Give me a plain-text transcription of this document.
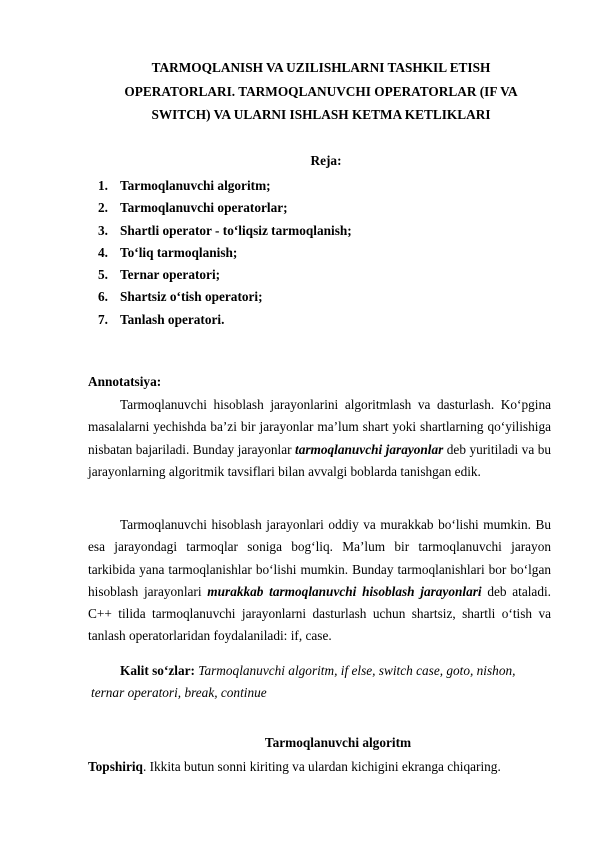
TARMOQLANISH VA UZILISHLARNI TASHKIL ETISH
OPERATORLARI. TARMOQLANUVCHI OPERATORLAR (IF VA
SWITCH) VA ULARNI ISHLASH KETMA KETLIKLARI
Reja:
1. Tarmoqlanuvchi algoritm;
2. Tarmoqlanuvchi operatorlar;
3. Shartli operator - to‘liqsiz tarmoqlanish;
4. To‘liq tarmoqlanish;
5. Ternar operatori;
6. Shartsiz o‘tish operatori;
7. Tanlash operatori.
Annotatsiya:

Tarmoqlanuvchi hisoblash jarayonlarini algoritmlash va dasturlash. Ko‘pgina masalalarni yechishda ba’zi bir jarayonlar ma’lum shart yoki shartlarning qo‘yilishiga nisbatan bajariladi. Bunday jarayonlar tarmoqlanuvchi jarayonlar deb yuritiladi va bu jarayonlarning algoritmik tavsiflari bilan avvalgi boblarda tanishgan edik.

Tarmoqlanuvchi hisoblash jarayonlari oddiy va murakkab bo‘lishi mumkin. Bu esa jarayondagi tarmoqlar soniga bog‘liq. Ma’lum bir tarmoqlanuvchi jarayon tarkibida yana tarmoqlanishlar bo‘lishi mumkin. Bunday tarmoqlanishlari bor bo‘lgan hisoblash jarayonlari murakkab tarmoqlanuvchi hisoblash jarayonlari deb ataladi. C++ tilida tarmoqlanuvchi jarayonlarni dasturlash uchun shartsiz, shartli o‘tish va tanlash operatorlaridan foydalaniladi: if, case.

Kalit so‘zlar: Tarmoqlanuvchi algoritm, if else, switch case, goto, nishon,
ternar operatori, break, continue
Tarmoqlanuvchi algoritm
Topshiriq. Ikkita butun sonni kiriting va ulardan kichigini ekranga chiqaring.
